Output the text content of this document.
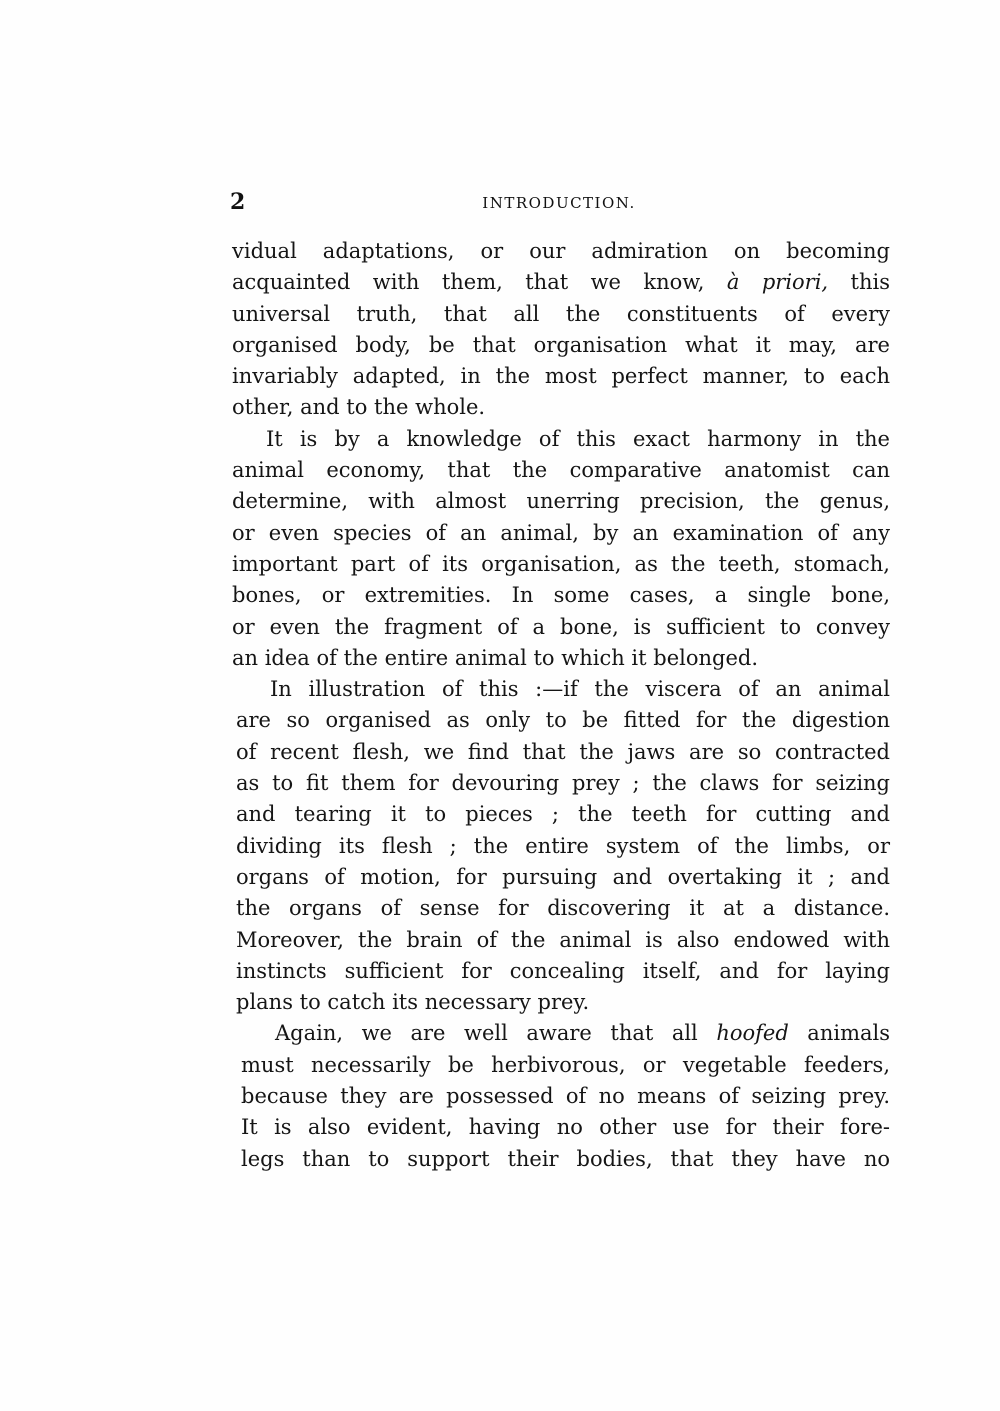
2	INTRODUCTION.
vidual adaptations, or our admiration on becoming
acquainted with them, that we know, à priori, this
universal truth, that all the constituents of every
organised body, be that organisation what it may, are
invariably adapted, in the most perfect manner, to each
other, and to the whole.
It is by a knowledge of this exact harmony in the
animal economy, that the comparative anatomist can
determine, with almost unerring precision, the genus,
or even species of an animal, by an examination of any
important part of its organisation, as the teeth, stomach,
bones, or extremities. In some cases, a single bone,
or even the fragment of a bone, is sufficient to convey
an idea of the entire animal to which it belonged.
In illustration of this :—if the viscera of an animal
are so organised as only to be fitted for the digestion
of recent flesh, we find that the jaws are so contracted
as to fit them for devouring prey ; the claws for seizing
and tearing it to pieces ; the teeth for cutting and
dividing its flesh ; the entire system of the limbs, or
organs of motion, for pursuing and overtaking it ; and
the organs of sense for discovering it at a distance.
Moreover, the brain of the animal is also endowed with
instincts sufficient for concealing itself, and for laying
plans to catch its necessary prey.
Again, we are well aware that all hoofed animals
must necessarily be herbivorous, or vegetable feeders,
because they are possessed of no means of seizing prey.
It is also evident, having no other use for their fore-
legs than to support their bodies, that they have no
